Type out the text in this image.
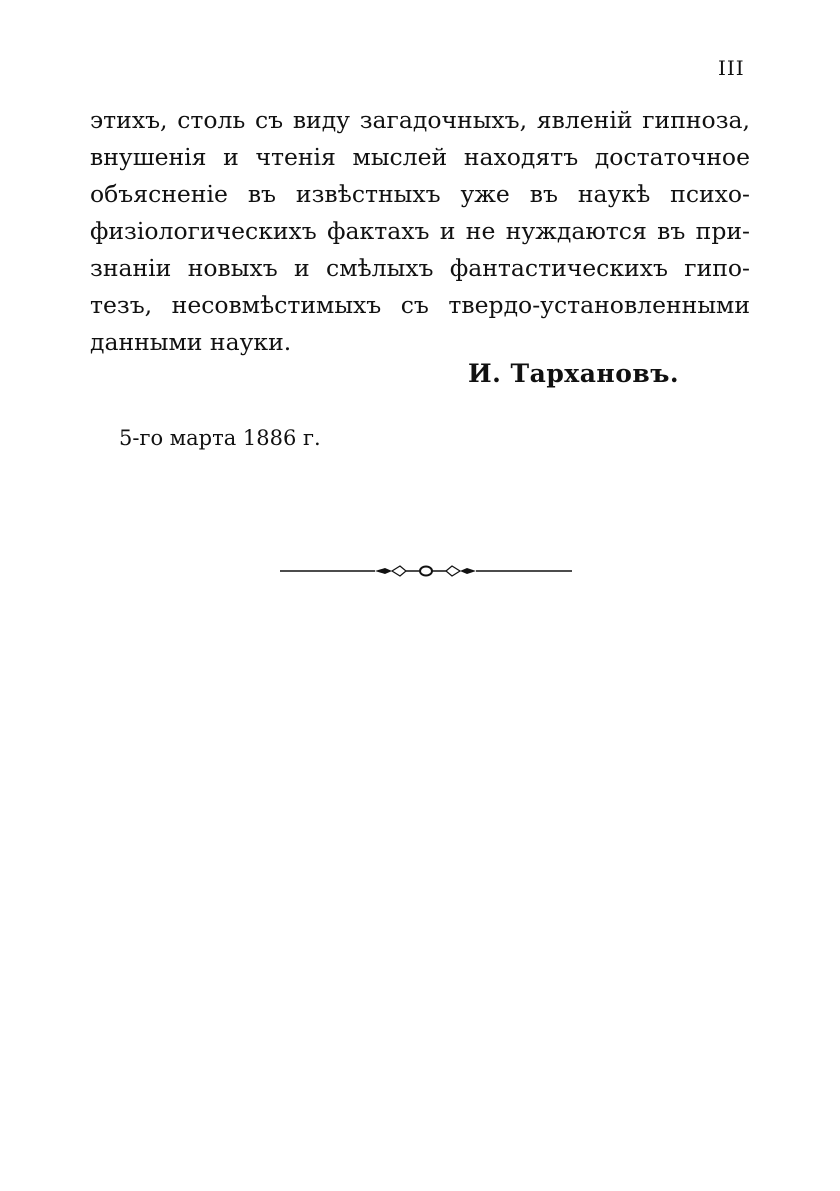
III
этихъ, столь съ виду загадочныхъ, явленій гипноза,
внушенія и чтенія мыслей находятъ достаточное
объясненіе въ извѣстныхъ уже въ наукѣ психо-
физіологическихъ фактахъ и не нуждаются въ при-
знаніи новыхъ и смѣлыхъ фантастическихъ гипо-
тезъ, несовмѣстимыхъ съ твердо-установленными
данными науки.
И. Тархановъ.
5-го марта 1886 г.
